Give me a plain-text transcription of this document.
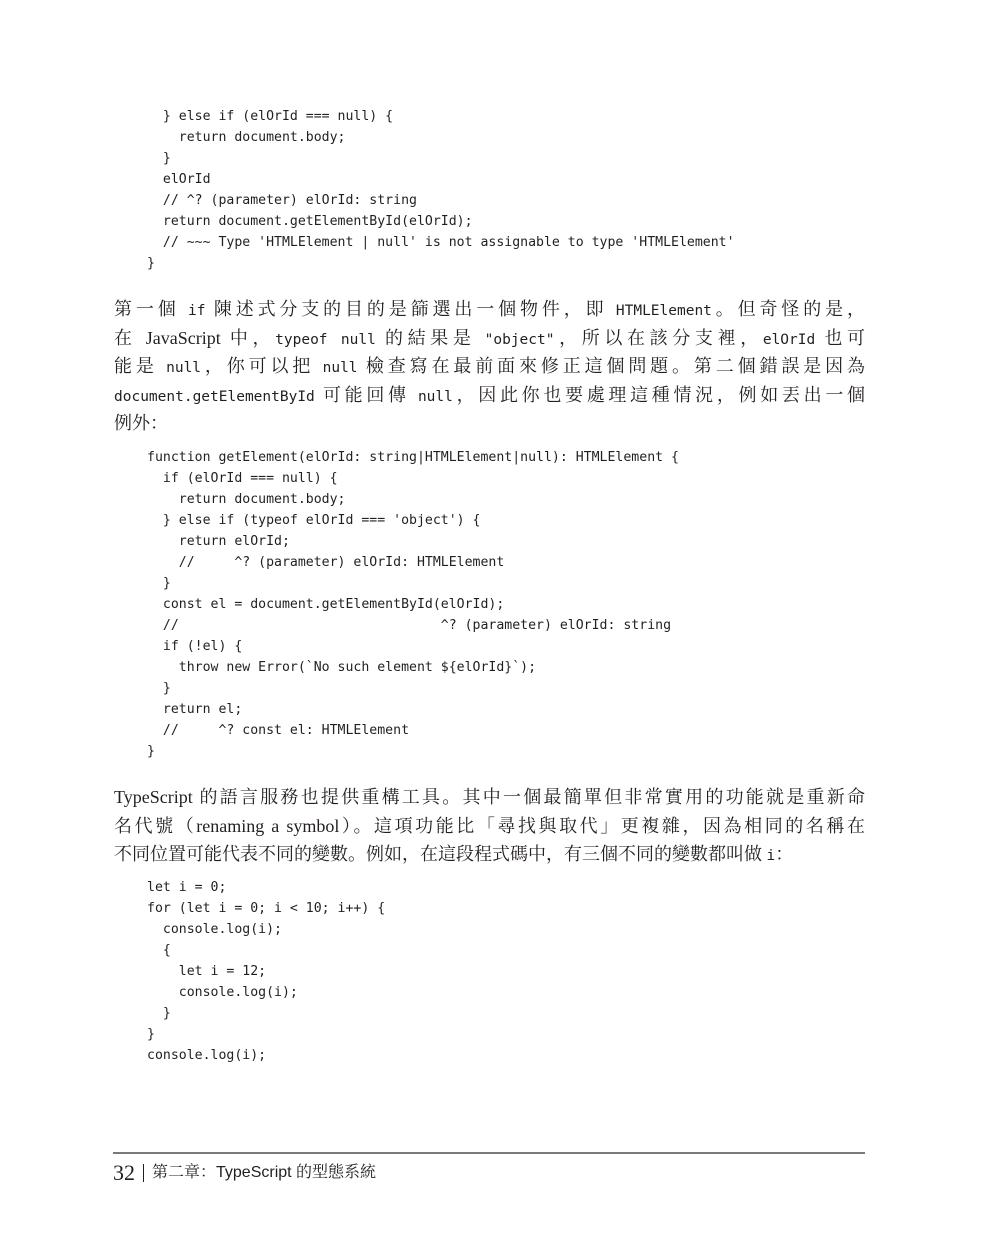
} else if (elOrId === null) {
return document.body;
}
elOrId
// ^? (parameter) elOrId: string
return document.getElementById(elOrId);
// ~~~ Type 'HTMLElement | null' is not assignable to type 'HTMLElement'
}
第一個 if 陳述式分支的目的是篩選出一個物件，即 HTMLElement。但奇怪的是，
在 JavaScript 中，typeof null 的結果是 "object"，所以在該分支裡，elOrId 也可
能是 null，你可以把 null 檢查寫在最前面來修正這個問題。第二個錯誤是因為
document.getElementById 可能回傳 null，因此你也要處理這種情況，例如丟出一個
例外：
function getElement(elOrId: string|HTMLElement|null): HTMLElement {
if (elOrId === null) {
return document.body;
} else if (typeof elOrId === 'object') {
return elOrId;
//     ^? (parameter) elOrId: HTMLElement
}
const el = document.getElementById(elOrId);
//                                 ^? (parameter) elOrId: string
if (!el) {
throw new Error(`No such element ${elOrId}`);
}
return el;
//     ^? const el: HTMLElement
}
TypeScript 的語言服務也提供重構工具。其中一個最簡單但非常實用的功能就是重新命
名代號（renaming a symbol）。這項功能比「尋找與取代」更複雜，因為相同的名稱在
不同位置可能代表不同的變數。例如，在這段程式碼中，有三個不同的變數都叫做 i：
let i = 0;
for (let i = 0; i < 10; i++) {
console.log(i);
{
let i = 12;
console.log(i);
}
}
console.log(i);
32 第二章：TypeScript 的型態系統
